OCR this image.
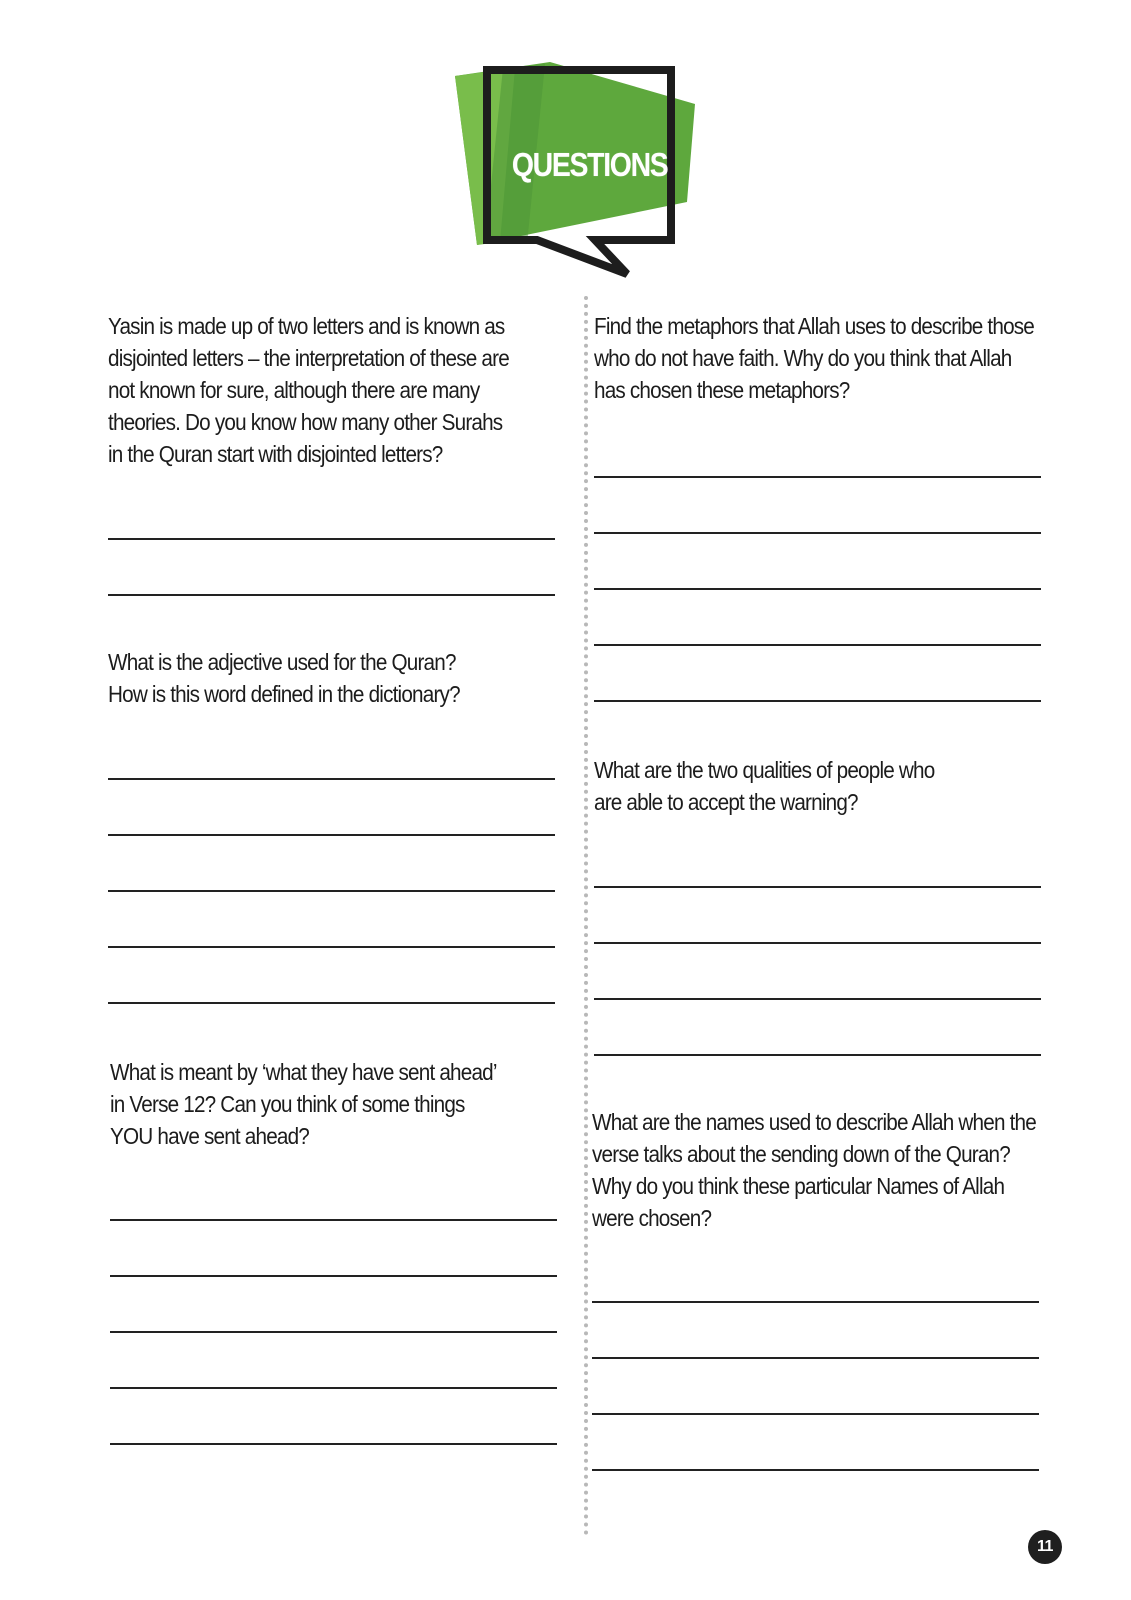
QUESTIONS

Yasin is made up of two letters and is known as
disjointed letters – the interpretation of these are
not known for sure, although there are many
theories. Do you know how many other Surahs
in the Quran start with disjointed letters?

What is the adjective used for the Quran?
How is this word defined in the dictionary?

What is meant by ‘what they have sent ahead’
in Verse 12? Can you think of some things
YOU have sent ahead?

Find the metaphors that Allah uses to describe those
who do not have faith. Why do you think that Allah
has chosen these metaphors?

What are the two qualities of people who
are able to accept the warning?

What are the names used to describe Allah when the
verse talks about the sending down of the Quran?
Why do you think these particular Names of Allah
were chosen?

11
